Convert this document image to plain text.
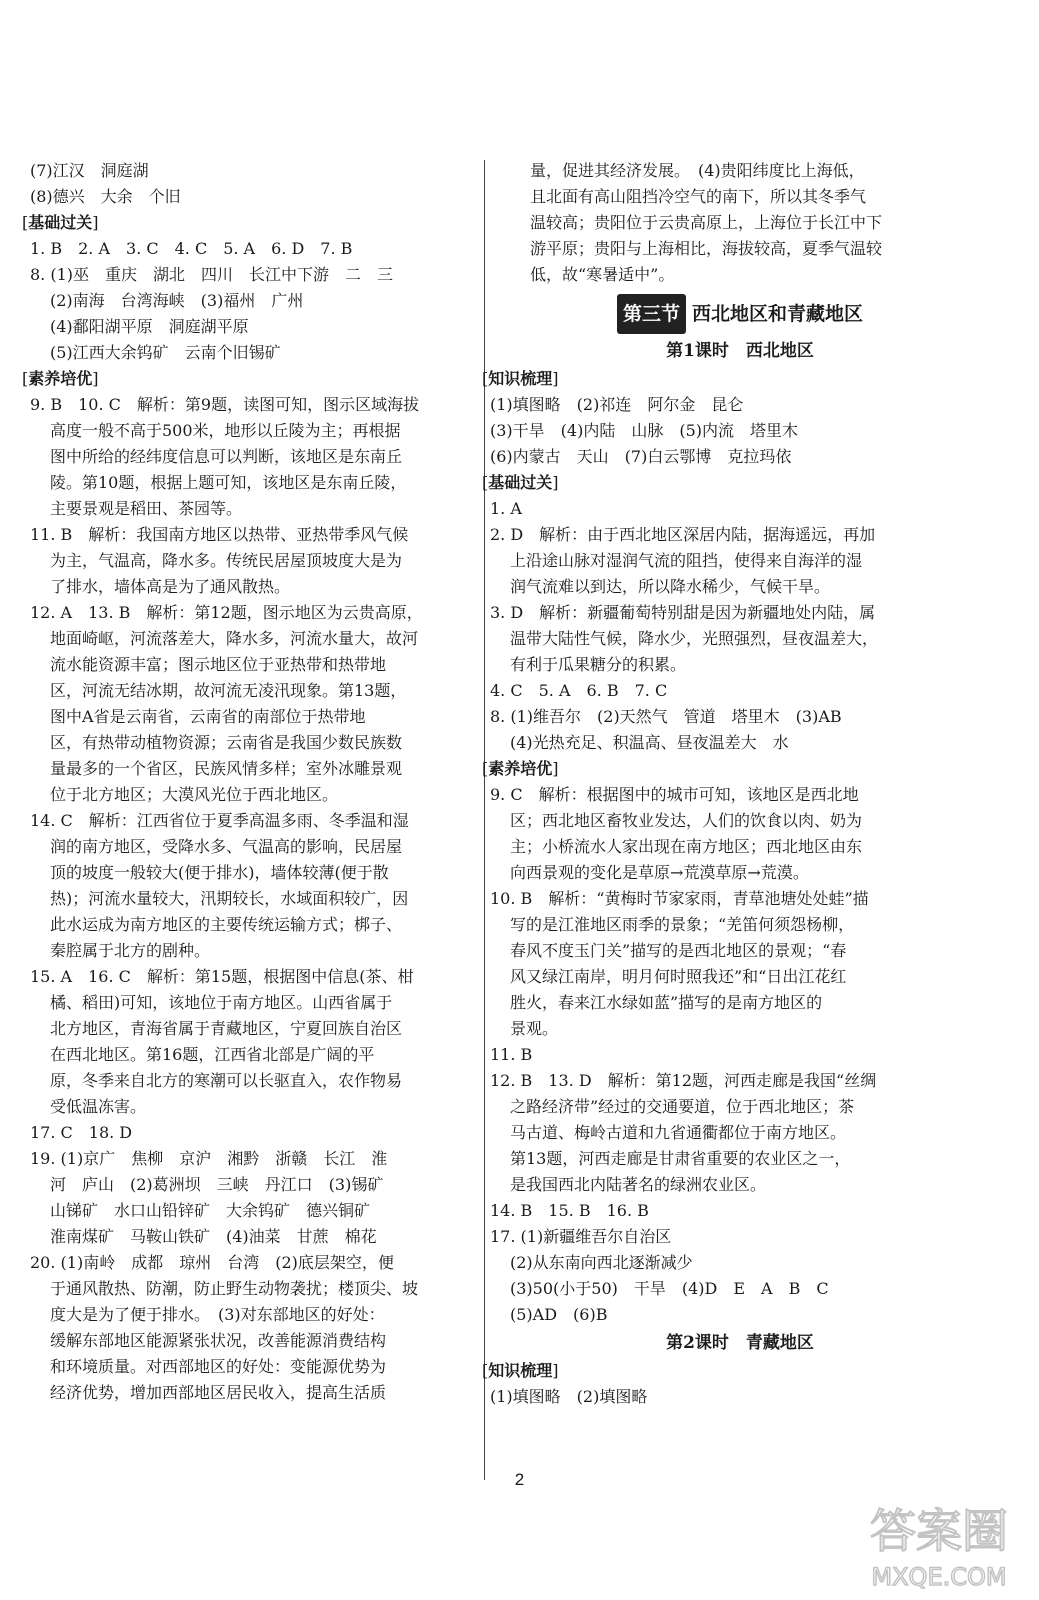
(7)江汉　洞庭湖
(8)德兴　大余　个旧
[ 基础过关 ]
1. B　2. A　3. C　4. C　5. A　6. D　7. B
8. (1)巫　重庆　湖北　四川　长江中下游　二　三
(2)南海　台湾海峡　(3)福州　广州
(4)鄱阳湖平原　洞庭湖平原
(5)江西大余钨矿　云南个旧锡矿
[ 素养培优 ]
9. B　10. C　解析：第9题，读图可知，图示区域海拔
高度一般不高于500米，地形以丘陵为主；再根据
图中所给的经纬度信息可以判断，该地区是东南丘
陵。第10题，根据上题可知，该地区是东南丘陵，
主要景观是稻田、茶园等。
11. B　解析：我国南方地区以热带、亚热带季风气候
为主，气温高，降水多。传统民居屋顶坡度大是为
了排水，墙体高是为了通风散热。
12. A　13. B　解析：第12题，图示地区为云贵高原，
地面崎岖，河流落差大，降水多，河流水量大，故河
流水能资源丰富；图示地区位于亚热带和热带地
区，河流无结冰期，故河流无凌汛现象。第13题，
图中A省是云南省，云南省的南部位于热带地
区，有热带动植物资源；云南省是我国少数民族数
量最多的一个省区，民族风情多样；室外冰雕景观
位于北方地区；大漠风光位于西北地区。
14. C　解析：江西省位于夏季高温多雨、冬季温和湿
润的南方地区，受降水多、气温高的影响，民居屋
顶的坡度一般较大(便于排水)，墙体较薄(便于散
热)；河流水量较大，汛期较长，水域面积较广，因
此水运成为南方地区的主要传统运输方式；梆子、
秦腔属于北方的剧种。
15. A　16. C　解析：第15题，根据图中信息(茶、柑
橘、稻田)可知，该地位于南方地区。山西省属于
北方地区，青海省属于青藏地区，宁夏回族自治区
在西北地区。第16题，江西省北部是广阔的平
原，冬季来自北方的寒潮可以长驱直入，农作物易
受低温冻害。
17. C　18. D
19. (1)京广　焦柳　京沪　湘黔　浙赣　长江　淮
河　庐山　(2)葛洲坝　三峡　丹江口　(3)锡矿
山锑矿　水口山铅锌矿　大余钨矿　德兴铜矿
淮南煤矿　马鞍山铁矿　(4)油菜　甘蔗　棉花
20. (1)南岭　成都　琼州　台湾　(2)底层架空，便
于通风散热、防潮，防止野生动物袭扰；楼顶尖、坡
度大是为了便于排水。　(3)对东部地区的好处：
缓解东部地区能源紧张状况，改善能源消费结构
和环境质量。对西部地区的好处：变能源优势为
经济优势，增加西部地区居民收入，提高生活质
量，促进其经济发展。　(4)贵阳纬度比上海低，
且北面有高山阻挡冷空气的南下，所以其冬季气
温较高；贵阳位于云贵高原上，上海位于长江中下
游平原；贵阳与上海相比，海拔较高，夏季气温较
低，故“寒暑适中”。
第三节 西北地区和青藏地区
第1课时　西北地区
[ 知识梳理 ]
(1)填图略　(2)祁连　阿尔金　昆仑
(3)干旱　(4)内陆　山脉　(5)内流　塔里木
(6)内蒙古　天山　(7)白云鄂博　克拉玛依
[ 基础过关 ]
1. A
2. D　解析：由于西北地区深居内陆，据海遥远，再加
上沿途山脉对湿润气流的阻挡，使得来自海洋的湿
润气流难以到达，所以降水稀少，气候干旱。
3. D　解析：新疆葡萄特别甜是因为新疆地处内陆，属
温带大陆性气候，降水少，光照强烈，昼夜温差大，
有利于瓜果糖分的积累。
4. C　5. A　6. B　7. C
8. (1)维吾尔　(2)天然气　管道　塔里木　(3)AB
(4)光热充足、积温高、昼夜温差大　水
[ 素养培优 ]
9. C　解析：根据图中的城市可知，该地区是西北地
区；西北地区畜牧业发达，人们的饮食以肉、奶为
主；小桥流水人家出现在南方地区；西北地区由东
向西景观的变化是草原→荒漠草原→荒漠。
10. B　解析：“黄梅时节家家雨，青草池塘处处蛙”描
写的是江淮地区雨季的景象；“羌笛何须怨杨柳，
春风不度玉门关”描写的是西北地区的景观；“春
风又绿江南岸，明月何时照我还”和“日出江花红
胜火，春来江水绿如蓝”描写的是南方地区的
景观。
11. B
12. B　13. D　解析：第12题，河西走廊是我国“丝绸
之路经济带”经过的交通要道，位于西北地区；茶
马古道、梅岭古道和九省通衢都位于南方地区。
第13题，河西走廊是甘肃省重要的农业区之一，
是我国西北内陆著名的绿洲农业区。
14. B　15. B　16. B
17. (1)新疆维吾尔自治区
(2)从东南向西北逐渐减少
(3)50(小于50)　干旱　(4)D　E　A　B　C
(5)AD　(6)B
第2课时　青藏地区
[ 知识梳理 ]
(1)填图略　(2)填图略
2
答案圈
MXQE.COM
